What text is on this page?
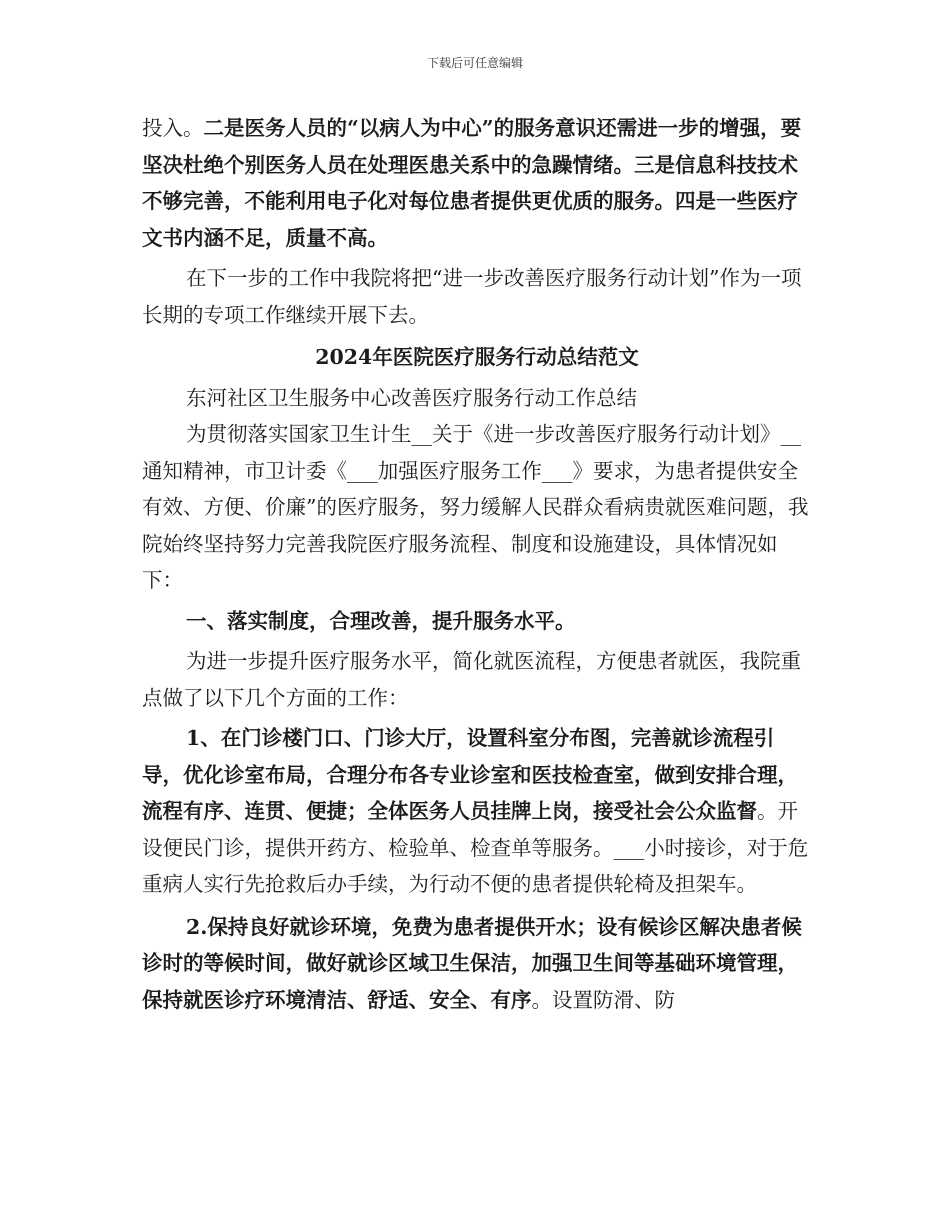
下载后可任意编辑

投入。二是医务人员的“以病人为中心”的服务意识还需进一步的增强，要坚决杜绝个别医务人员在处理医患关系中的急躁情绪。三是信息科技技术不够完善，不能利用电子化对每位患者提供更优质的服务。四是一些医疗文书内涵不足，质量不高。

在下一步的工作中我院将把“进一步改善医疗服务行动计划”作为一项长期的专项工作继续开展下去。

2024年医院医疗服务行动总结范文

东河社区卫生服务中心改善医疗服务行动工作总结

为贯彻落实国家卫生计生__关于《进一步改善医疗服务行动计划》__通知精神，市卫计委《___加强医疗服务工作___》要求，为患者提供安全有效、方便、价廉”的医疗服务，努力缓解人民群众看病贵就医难问题，我院始终坚持努力完善我院医疗服务流程、制度和设施建设，具体情况如下：

一、落实制度，合理改善，提升服务水平。

为进一步提升医疗服务水平，简化就医流程，方便患者就医，我院重点做了以下几个方面的工作：

1、在门诊楼门口、门诊大厅，设置科室分布图，完善就诊流程引导，优化诊室布局，合理分布各专业诊室和医技检查室，做到安排合理，流程有序、连贯、便捷；全体医务人员挂牌上岗，接受社会公众监督。开设便民门诊，提供开药方、检验单、检查单等服务。___小时接诊，对于危重病人实行先抢救后办手续，为行动不便的患者提供轮椅及担架车。

2.保持良好就诊环境，免费为患者提供开水；设有候诊区解决患者候诊时的等候时间，做好就诊区域卫生保洁，加强卫生间等基础环境管理，保持就医诊疗环境清洁、舒适、安全、有序。设置防滑、防
